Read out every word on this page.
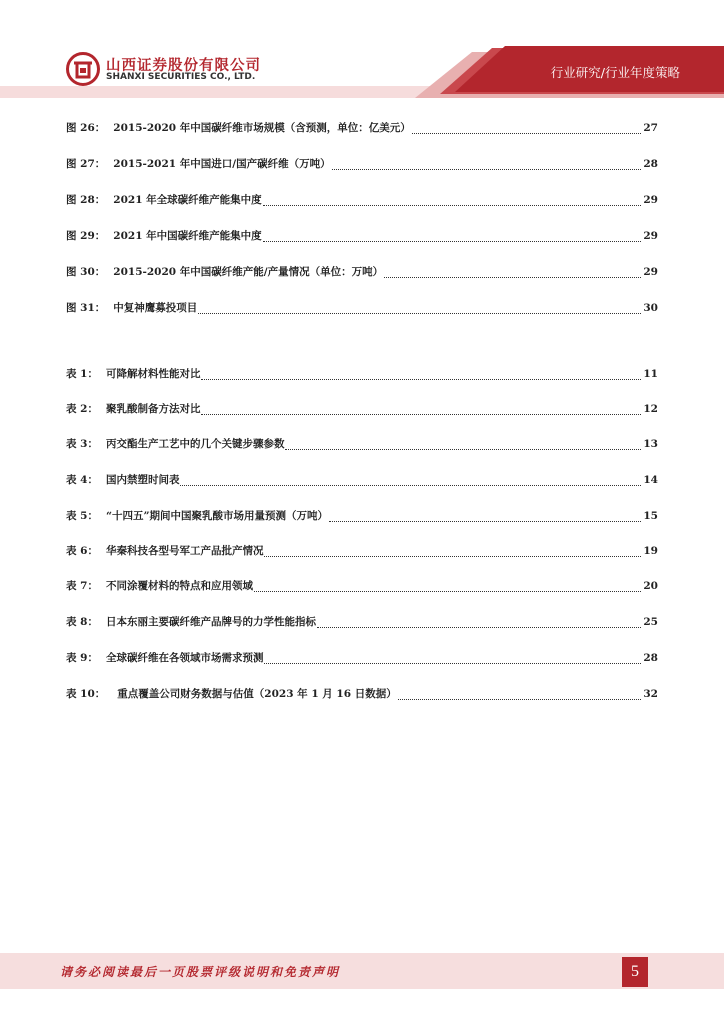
山西证券股份有限公司
SHANXI SECURITIES CO., LTD.	行业研究/行业年度策略
图 26： 2015-2020 年中国碳纤维市场规模（含预测，单位：亿美元）	27
图 27： 2015-2021 年中国进口/国产碳纤维（万吨）	28
图 28： 2021 年全球碳纤维产能集中度	29
图 29： 2021 年中国碳纤维产能集中度	29
图 30： 2015-2020 年中国碳纤维产能/产量情况（单位：万吨）	29
图 31： 中复神鹰募投项目	30
表 1： 可降解材料性能对比	11
表 2： 聚乳酸制备方法对比	12
表 3： 丙交酯生产工艺中的几个关键步骤参数	13
表 4： 国内禁塑时间表	14
表 5： “十四五”期间中国聚乳酸市场用量预测（万吨）	15
表 6： 华秦科技各型号军工产品批产情况	19
表 7： 不同涂覆材料的特点和应用领域	20
表 8： 日本东丽主要碳纤维产品牌号的力学性能指标	25
表 9： 全球碳纤维在各领域市场需求预测	28
表 10：	重点覆盖公司财务数据与估值（2023 年 1 月 16 日数据）	32
请务必阅读最后一页股票评级说明和免责声明	5
